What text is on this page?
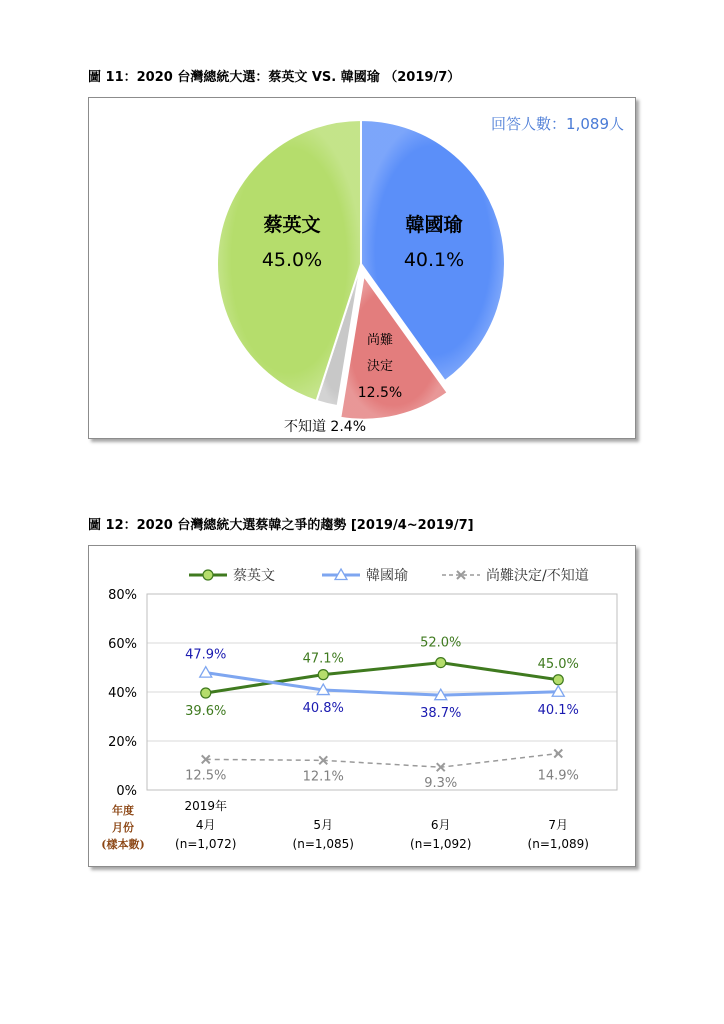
圖 11：2020 台灣總統大選：蔡英文 VS. 韓國瑜 （2019/7）
韓國瑜
40.1%
蔡英文
45.0%
尚難
決定
12.5%
不知道 2.4%
回答人數：1,089人
圖 12：2020 台灣總統大選蔡韓之爭的趨勢 [2019/4~2019/7]
0%
20%
40%
60%
80%
39.6%
47.1%
52.0%
45.0%
47.9%
40.8%	38.7%	40.1%
12.5%	12.1%	9.3%
14.9%
蔡英文	韓國瑜	尚難決定/不知道
2019年
4月
(n=1,072)
5月
(n=1,085)
6月
(n=1,092)
7月
(n=1,089)
年度
月份
(樣本數)
